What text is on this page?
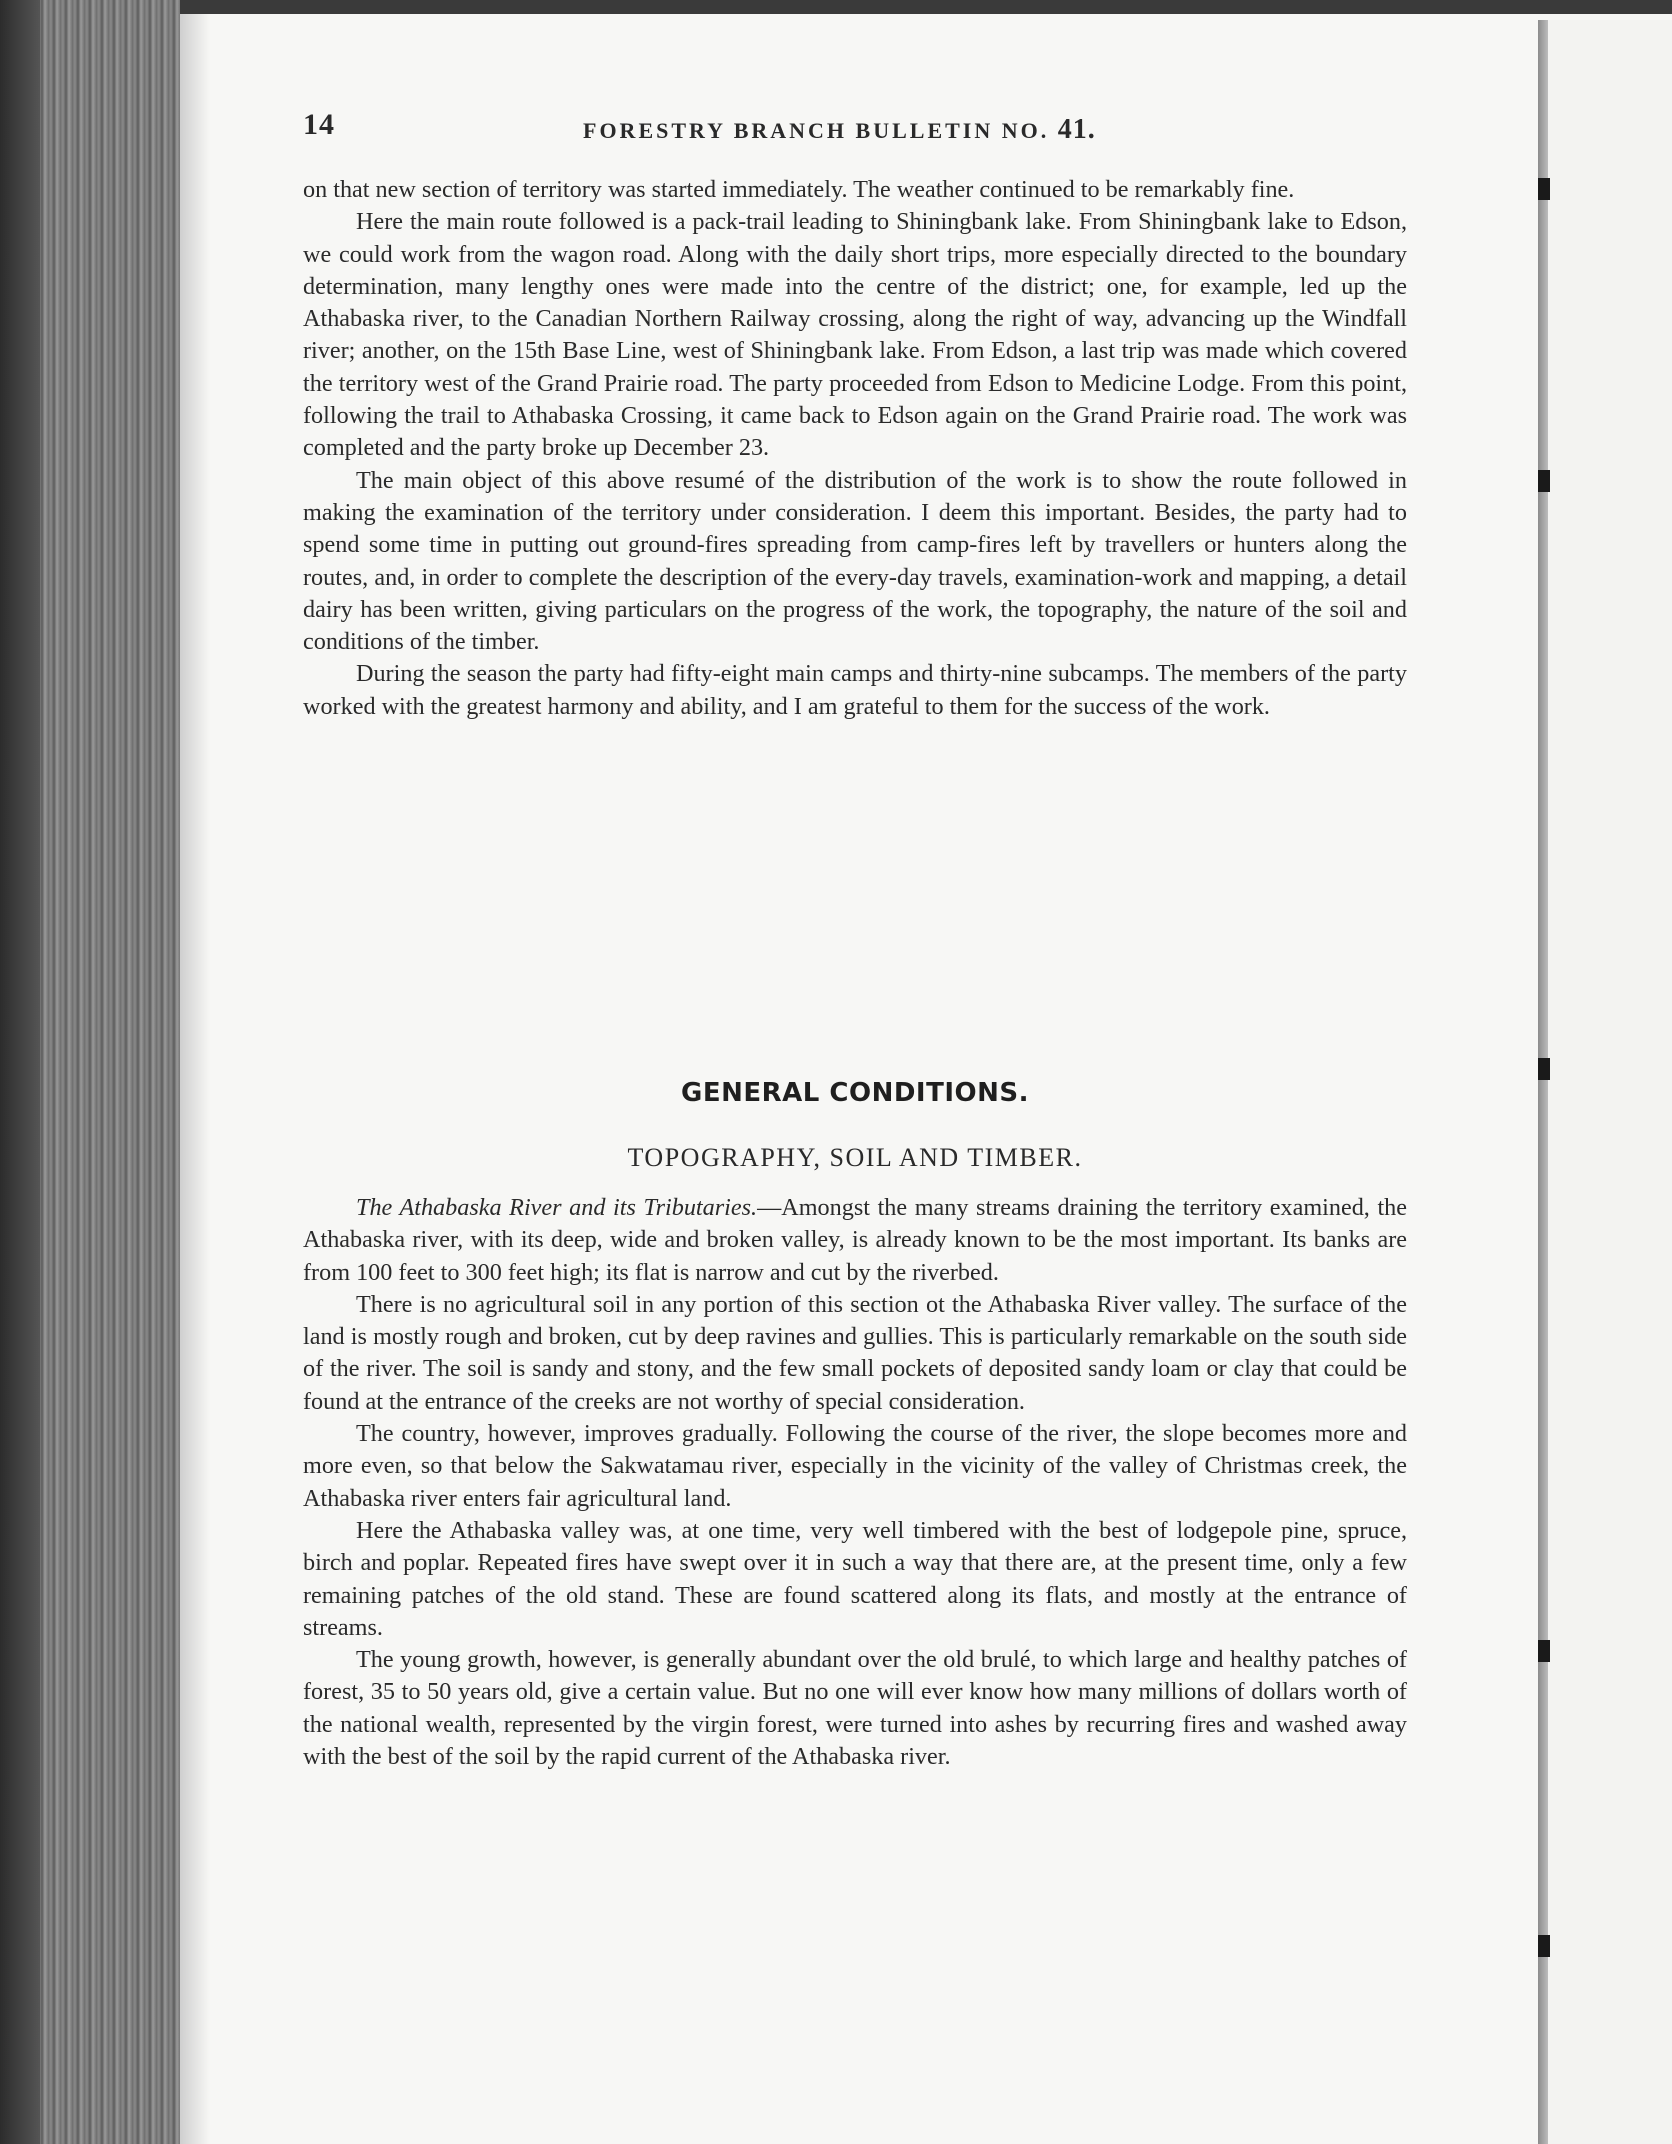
14	FORESTRY BRANCH BULLETIN NO. 41.

on that new section of territory was started immediately. The weather continued to be remarkably fine.

Here the main route followed is a pack-trail leading to Shiningbank lake. From Shiningbank lake to Edson, we could work from the wagon road. Along with the daily short trips, more especially directed to the boundary determination, many lengthy ones were made into the centre of the district; one, for example, led up the Athabaska river, to the Canadian Northern Railway crossing, along the right of way, advancing up the Windfall river; another, on the 15th Base Line, west of Shiningbank lake. From Edson, a last trip was made which covered the territory west of the Grand Prairie road. The party proceeded from Edson to Medicine Lodge. From this point, following the trail to Athabaska Crossing, it came back to Edson again on the Grand Prairie road. The work was completed and the party broke up December 23.

The main object of this above resumé of the distribution of the work is to show the route followed in making the examination of the territory under consideration. I deem this important. Besides, the party had to spend some time in putting out ground-fires spreading from camp-fires left by travellers or hunters along the routes, and, in order to complete the description of the every-day travels, examination-work and mapping, a detail dairy has been written, giving particulars on the progress of the work, the topography, the nature of the soil and conditions of the timber.

During the season the party had fifty-eight main camps and thirty-nine subcamps. The members of the party worked with the greatest harmony and ability, and I am grateful to them for the success of the work.

GENERAL CONDITIONS.
TOPOGRAPHY, SOIL AND TIMBER.

The Athabaska River and its Tributaries.—Amongst the many streams draining the territory examined, the Athabaska river, with its deep, wide and broken valley, is already known to be the most important. Its banks are from 100 feet to 300 feet high; its flat is narrow and cut by the riverbed.

There is no agricultural soil in any portion of this section ot the Athabaska River valley. The surface of the land is mostly rough and broken, cut by deep ravines and gullies. This is particularly remarkable on the south side of the river. The soil is sandy and stony, and the few small pockets of deposited sandy loam or clay that could be found at the entrance of the creeks are not worthy of special consideration.

The country, however, improves gradually. Following the course of the river, the slope becomes more and more even, so that below the Sakwatamau river, especially in the vicinity of the valley of Christmas creek, the Athabaska river enters fair agricultural land.

Here the Athabaska valley was, at one time, very well timbered with the best of lodgepole pine, spruce, birch and poplar. Repeated fires have swept over it in such a way that there are, at the present time, only a few remaining patches of the old stand. These are found scattered along its flats, and mostly at the entrance of streams.

The young growth, however, is generally abundant over the old brulé, to which large and healthy patches of forest, 35 to 50 years old, give a certain value. But no one will ever know how many millions of dollars worth of the national wealth, represented by the virgin forest, were turned into ashes by recurring fires and washed away with the best of the soil by the rapid current of the Athabaska river.
